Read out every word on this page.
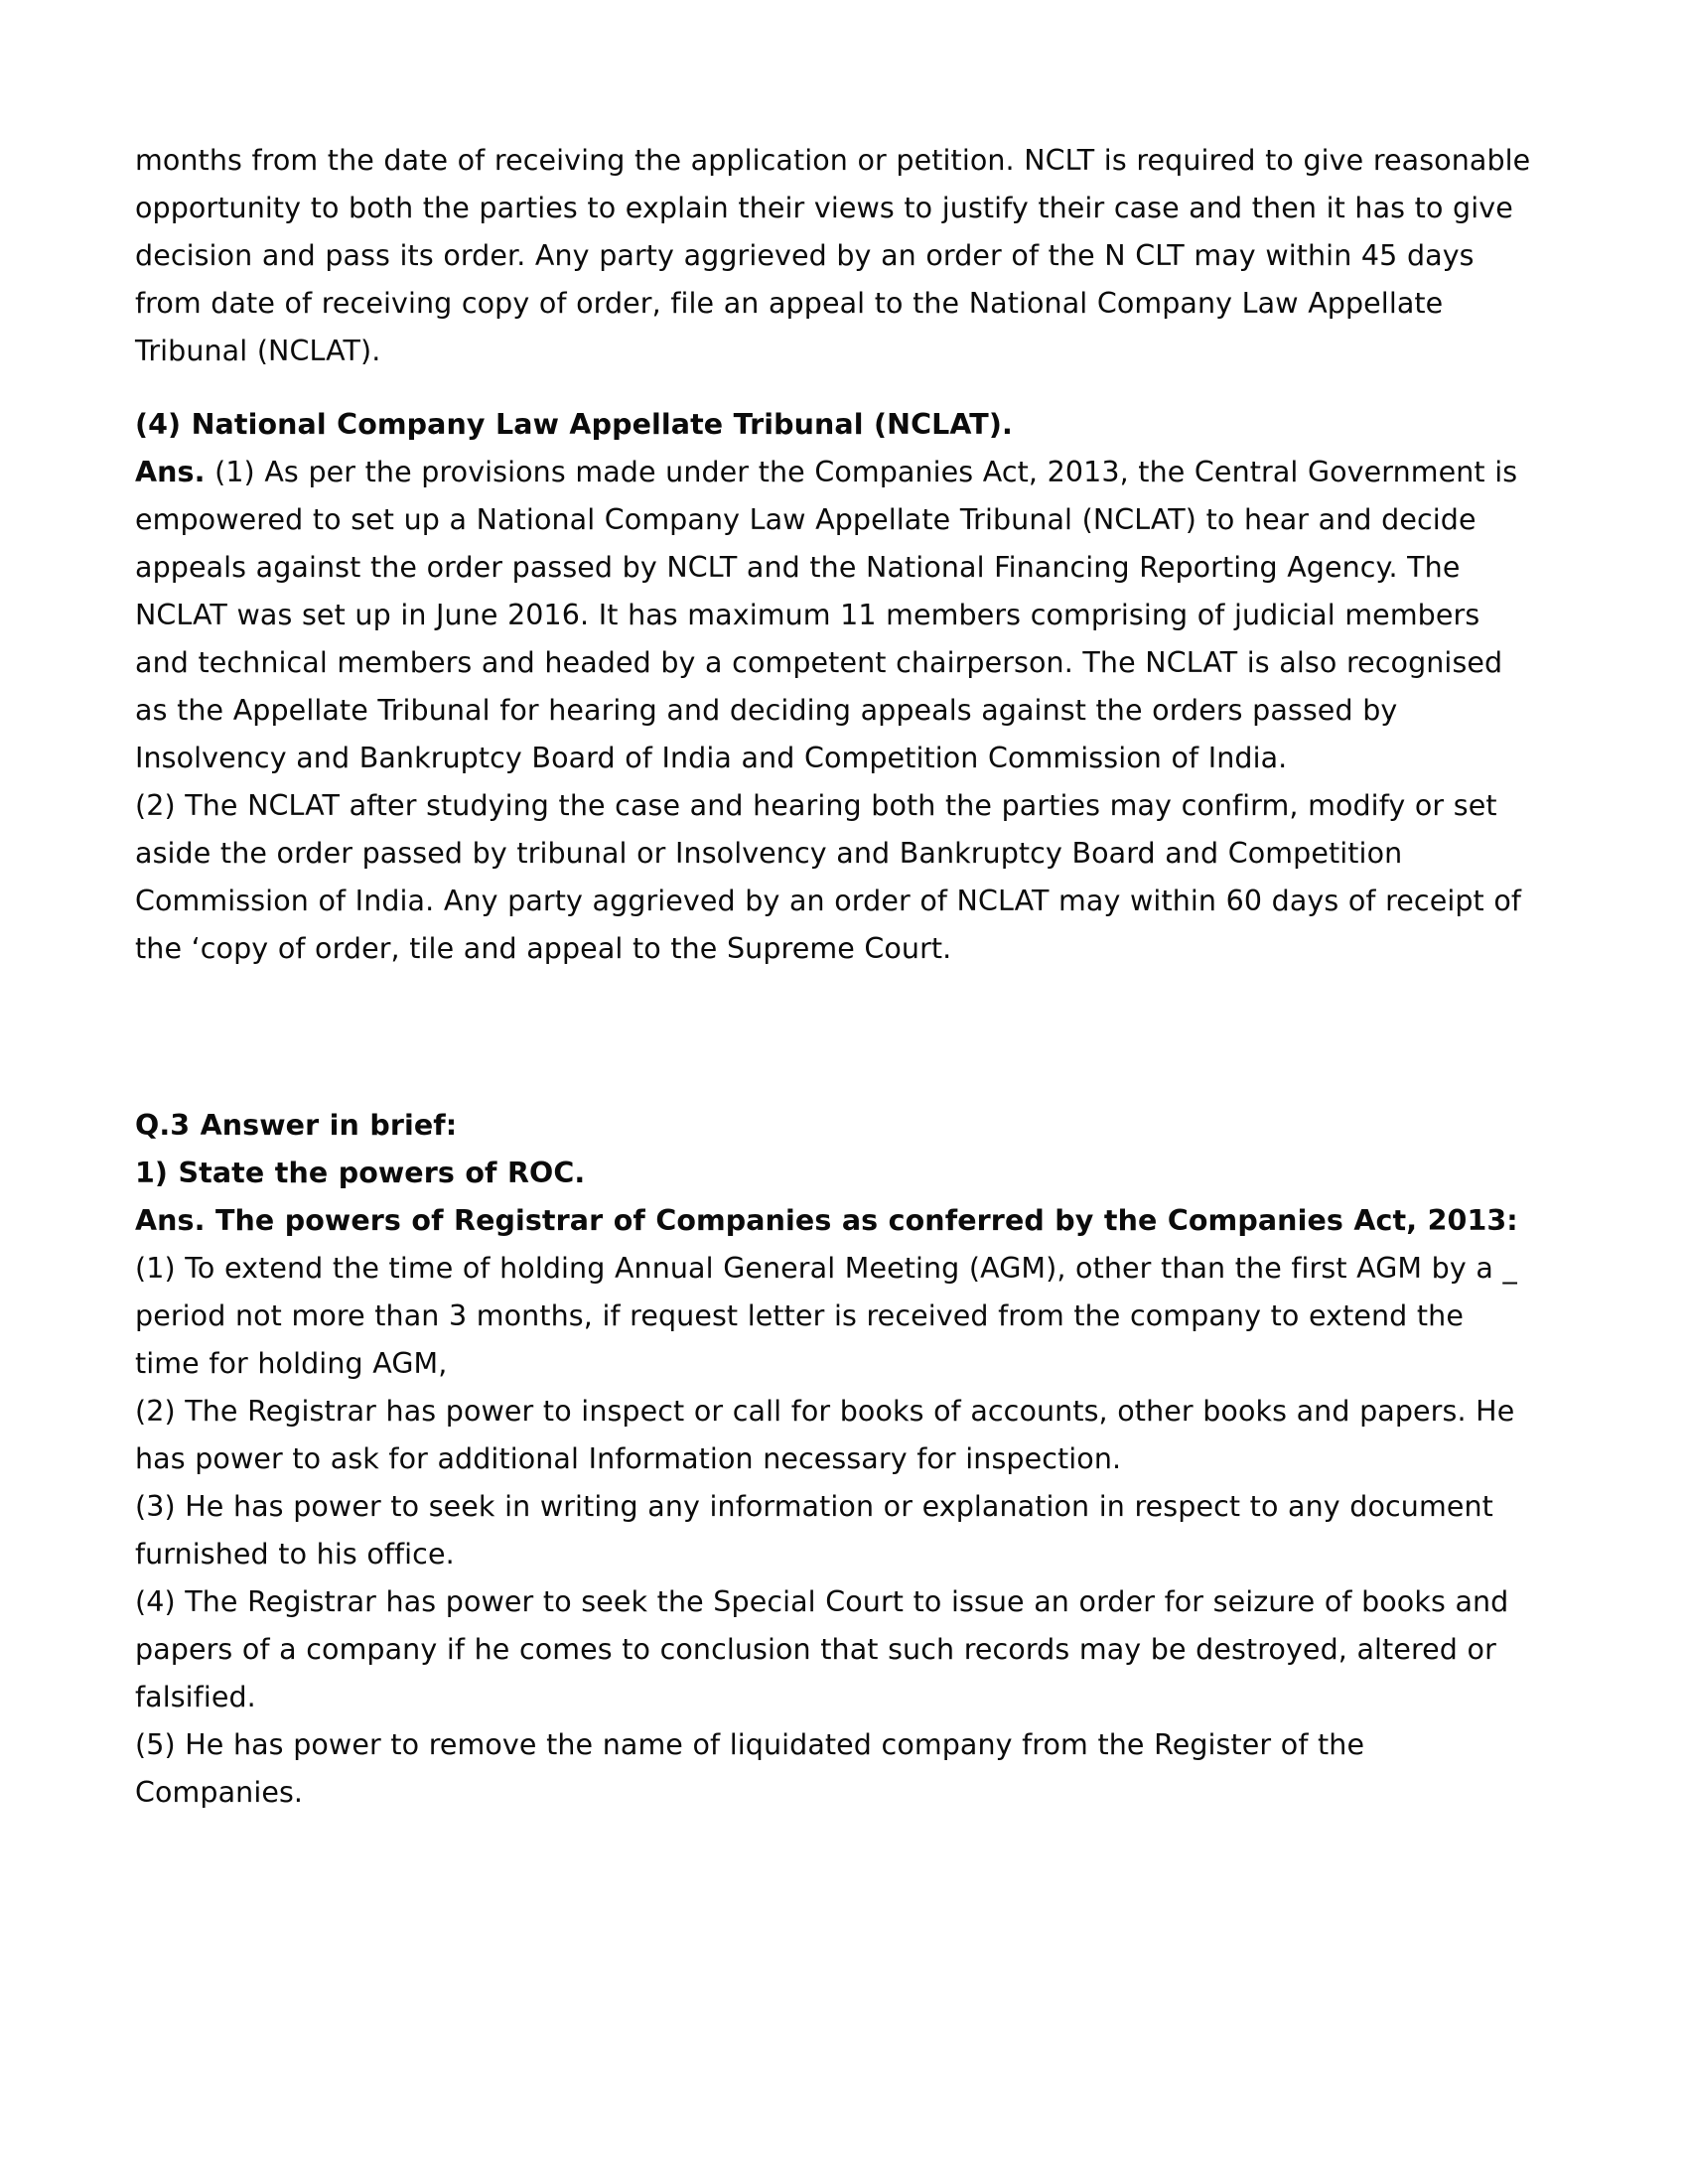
months from the date of receiving the application or petition. NCLT is required to give reasonable opportunity to both the parties to explain their views to justify their case and then it has to give decision and pass its order. Any party aggrieved by an order of the N CLT may within 45 days from date of receiving copy of order, file an appeal to the National Company Law Appellate Tribunal (NCLAT).

(4) National Company Law Appellate Tribunal (NCLAT).

Ans. (1) As per the provisions made under the Companies Act, 2013, the Central Government is empowered to set up a National Company Law Appellate Tribunal (NCLAT) to hear and decide appeals against the order passed by NCLT and the National Financing Reporting Agency. The NCLAT was set up in June 2016. It has maximum 11 members comprising of judicial members and technical members and headed by a competent chairperson. The NCLAT is also recognised as the Appellate Tribunal for hearing and deciding appeals against the orders passed by Insolvency and Bankruptcy Board of India and Competition Commission of India.

(2) The NCLAT after studying the case and hearing both the parties may confirm, modify or set aside the order passed by tribunal or Insolvency and Bankruptcy Board and Competition Commission of India. Any party aggrieved by an order of NCLAT may within 60 days of receipt of the ‘copy of order, tile and appeal to the Supreme Court.

Q.3 Answer in brief:

1) State the powers of ROC.

Ans. The powers of Registrar of Companies as conferred by the Companies Act, 2013:

(1) To extend the time of holding Annual General Meeting (AGM), other than the first AGM by a _ period not more than 3 months, if request letter is received from the company to extend the time for holding AGM,

(2) The Registrar has power to inspect or call for books of accounts, other books and papers. He has power to ask for additional Information necessary for inspection.

(3) He has power to seek in writing any information or explanation in respect to any document furnished to his office.

(4) The Registrar has power to seek the Special Court to issue an order for seizure of books and papers of a company if he comes to conclusion that such records may be destroyed, altered or falsified.

(5) He has power to remove the name of liquidated company from the Register of the Companies.
